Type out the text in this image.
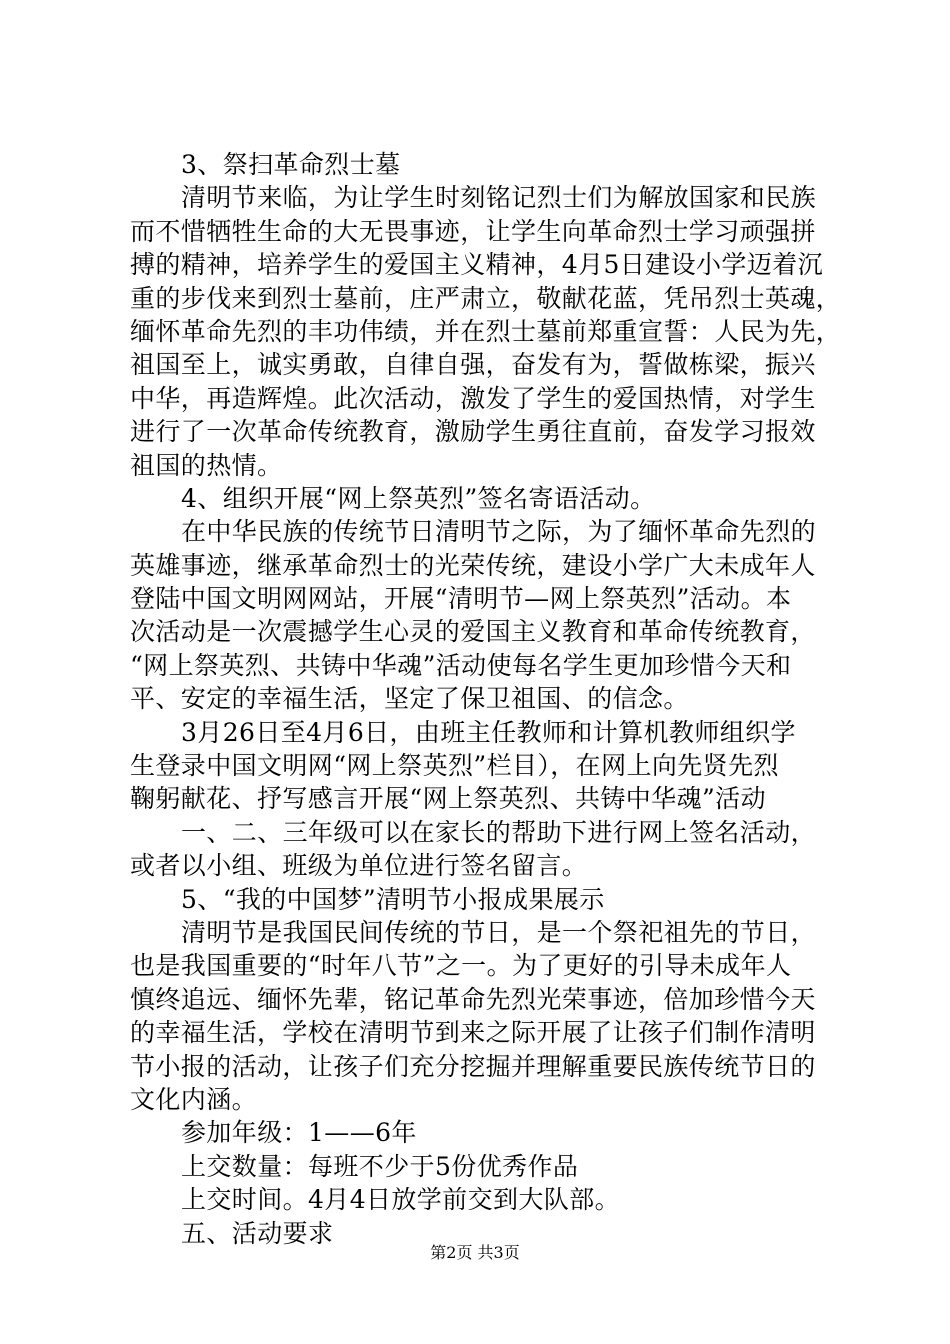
3、祭扫革命烈士墓
清明节来临，为让学生时刻铭记烈士们为解放国家和民族
而不惜牺牲生命的大无畏事迹，让学生向革命烈士学习顽强拼
搏的精神，培养学生的爱国主义精神，4月5日建设小学迈着沉
重的步伐来到烈士墓前，庄严肃立，敬献花蓝，凭吊烈士英魂，
缅怀革命先烈的丰功伟绩，并在烈士墓前郑重宣誓：人民为先，
祖国至上，诚实勇敢，自律自强，奋发有为，誓做栋梁，振兴
中华，再造辉煌。此次活动，激发了学生的爱国热情，对学生
进行了一次革命传统教育，激励学生勇往直前，奋发学习报效
祖国的热情。
4、组织开展“网上祭英烈”签名寄语活动。
在中华民族的传统节日清明节之际，为了缅怀革命先烈的
英雄事迹，继承革命烈士的光荣传统，建设小学广大未成年人
登陆中国文明网网站，开展“清明节—网上祭英烈”活动。本
次活动是一次震撼学生心灵的爱国主义教育和革命传统教育，
“网上祭英烈、共铸中华魂”活动使每名学生更加珍惜今天和
平、安定的幸福生活，坚定了保卫祖国、的信念。
3月26日至4月6日，由班主任教师和计算机教师组织学
生登录中国文明网“网上祭英烈”栏目），在网上向先贤先烈
鞠躬献花、抒写感言开展“网上祭英烈、共铸中华魂”活动
一、二、三年级可以在家长的帮助下进行网上签名活动，
或者以小组、班级为单位进行签名留言。
5、“我的中国梦”清明节小报成果展示
清明节是我国民间传统的节日，是一个祭祀祖先的节日，
也是我国重要的“时年八节”之一。为了更好的引导未成年人
慎终追远、缅怀先辈，铭记革命先烈光荣事迹，倍加珍惜今天
的幸福生活，学校在清明节到来之际开展了让孩子们制作清明
节小报的活动，让孩子们充分挖掘并理解重要民族传统节日的
文化内涵。
参加年级：1——6年
上交数量：每班不少于5份优秀作品
上交时间。4月4日放学前交到大队部。
五、活动要求
第2页 共3页
